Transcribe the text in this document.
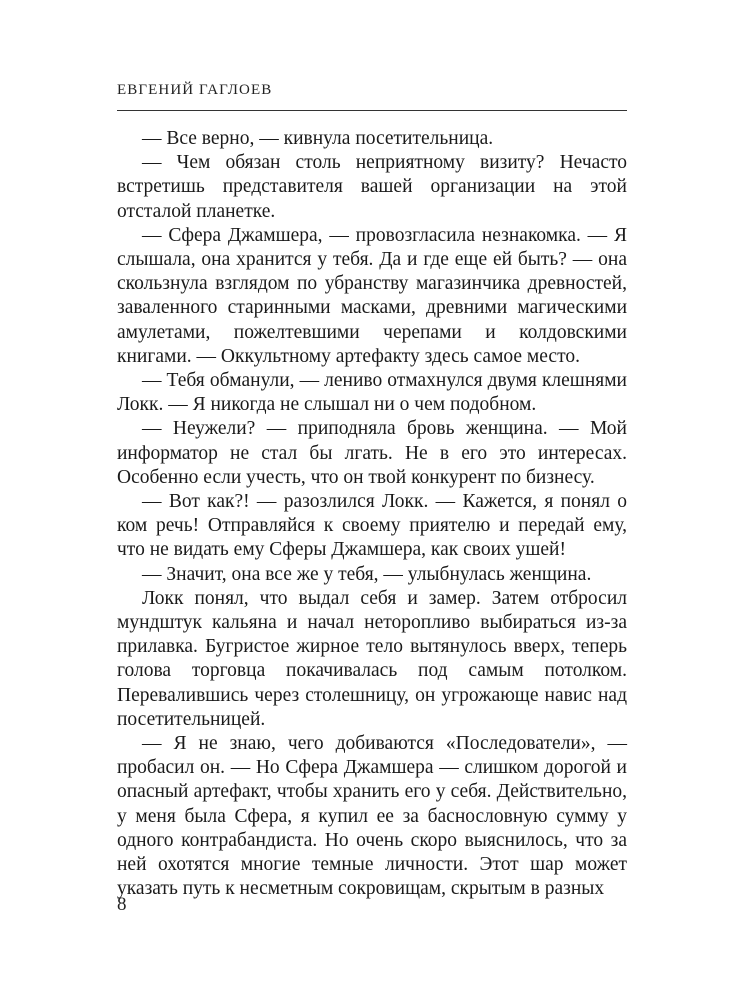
ЕВГЕНИЙ ГАГЛОЕВ

— Все верно, — кивнула посетительница.

— Чем обязан столь неприятному визиту? Нечасто встретишь представителя вашей организации на этой отсталой планетке.

— Сфера Джамшера, — провозгласила незнакомка. — Я слышала, она хранится у тебя. Да и где еще ей быть? — она скользнула взглядом по убранству магазинчика древностей, заваленного старинными масками, древними магическими амулетами, пожелтевшими черепами и колдовскими книгами. — Оккультному артефакту здесь самое место.

— Тебя обманули, — лениво отмахнулся двумя клешнями Локк. — Я никогда не слышал ни о чем подобном.

— Неужели? — приподняла бровь женщина. — Мой информатор не стал бы лгать. Не в его это интересах. Особенно если учесть, что он твой конкурент по бизнесу.

— Вот как?! — разозлился Локк. — Кажется, я понял о ком речь! Отправляйся к своему приятелю и передай ему, что не видать ему Сферы Джамшера, как своих ушей!

— Значит, она все же у тебя, — улыбнулась женщина.

Локк понял, что выдал себя и замер. Затем отбросил мундштук кальяна и начал неторопливо выбираться из-за прилавка. Бугристое жирное тело вытянулось вверх, теперь голова торговца покачивалась под самым потолком. Перевалившись через столешницу, он угрожающе навис над посетительницей.

— Я не знаю, чего добиваются «Последователи», — пробасил он. — Но Сфера Джамшера — слишком дорогой и опасный артефакт, чтобы хранить его у себя. Действительно, у меня была Сфера, я купил ее за баснословную сумму у одного контрабандиста. Но очень скоро выяснилось, что за ней охотятся многие темные личности. Этот шар может указать путь к несметным сокровищам, скрытым в разных

8
